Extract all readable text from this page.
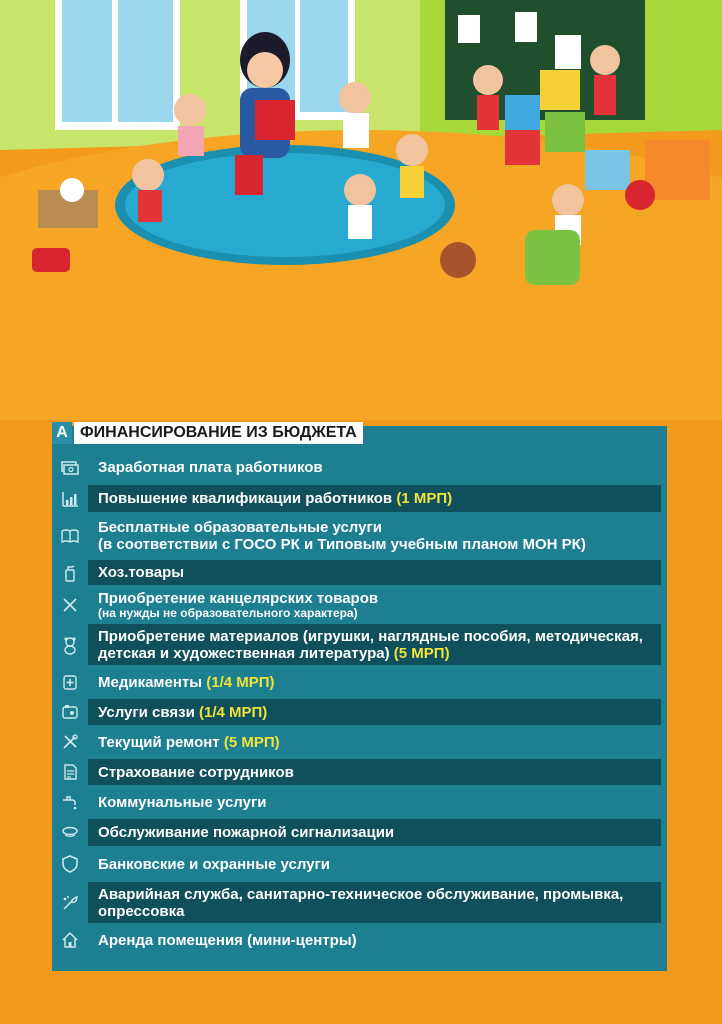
А ФИНАНСИРОВАНИЕ ИЗ БЮДЖЕТА
Заработная плата работников
Повышение квалификации работников (1 МРП)
Бесплатные образовательные услуги
(в соответствии с ГОСО РК и Типовым учебным планом МОН РК)
Хоз.товары
Приобретение канцелярских товаров
(на нужды не образовательного характера)
Приобретение материалов (игрушки, наглядные пособия, методическая,
детская и художественная литература) (5 МРП)
Медикаменты (1/4 МРП)
Услуги связи (1/4 МРП)
Текущий ремонт (5 МРП)
Страхование сотрудников
Коммунальные услуги
Обслуживание пожарной сигнализации
Банковские и охранные услуги
Аварийная служба, санитарно-техническое обслуживание, промывка,
опрессовка
Аренда помещения (мини-центры)
